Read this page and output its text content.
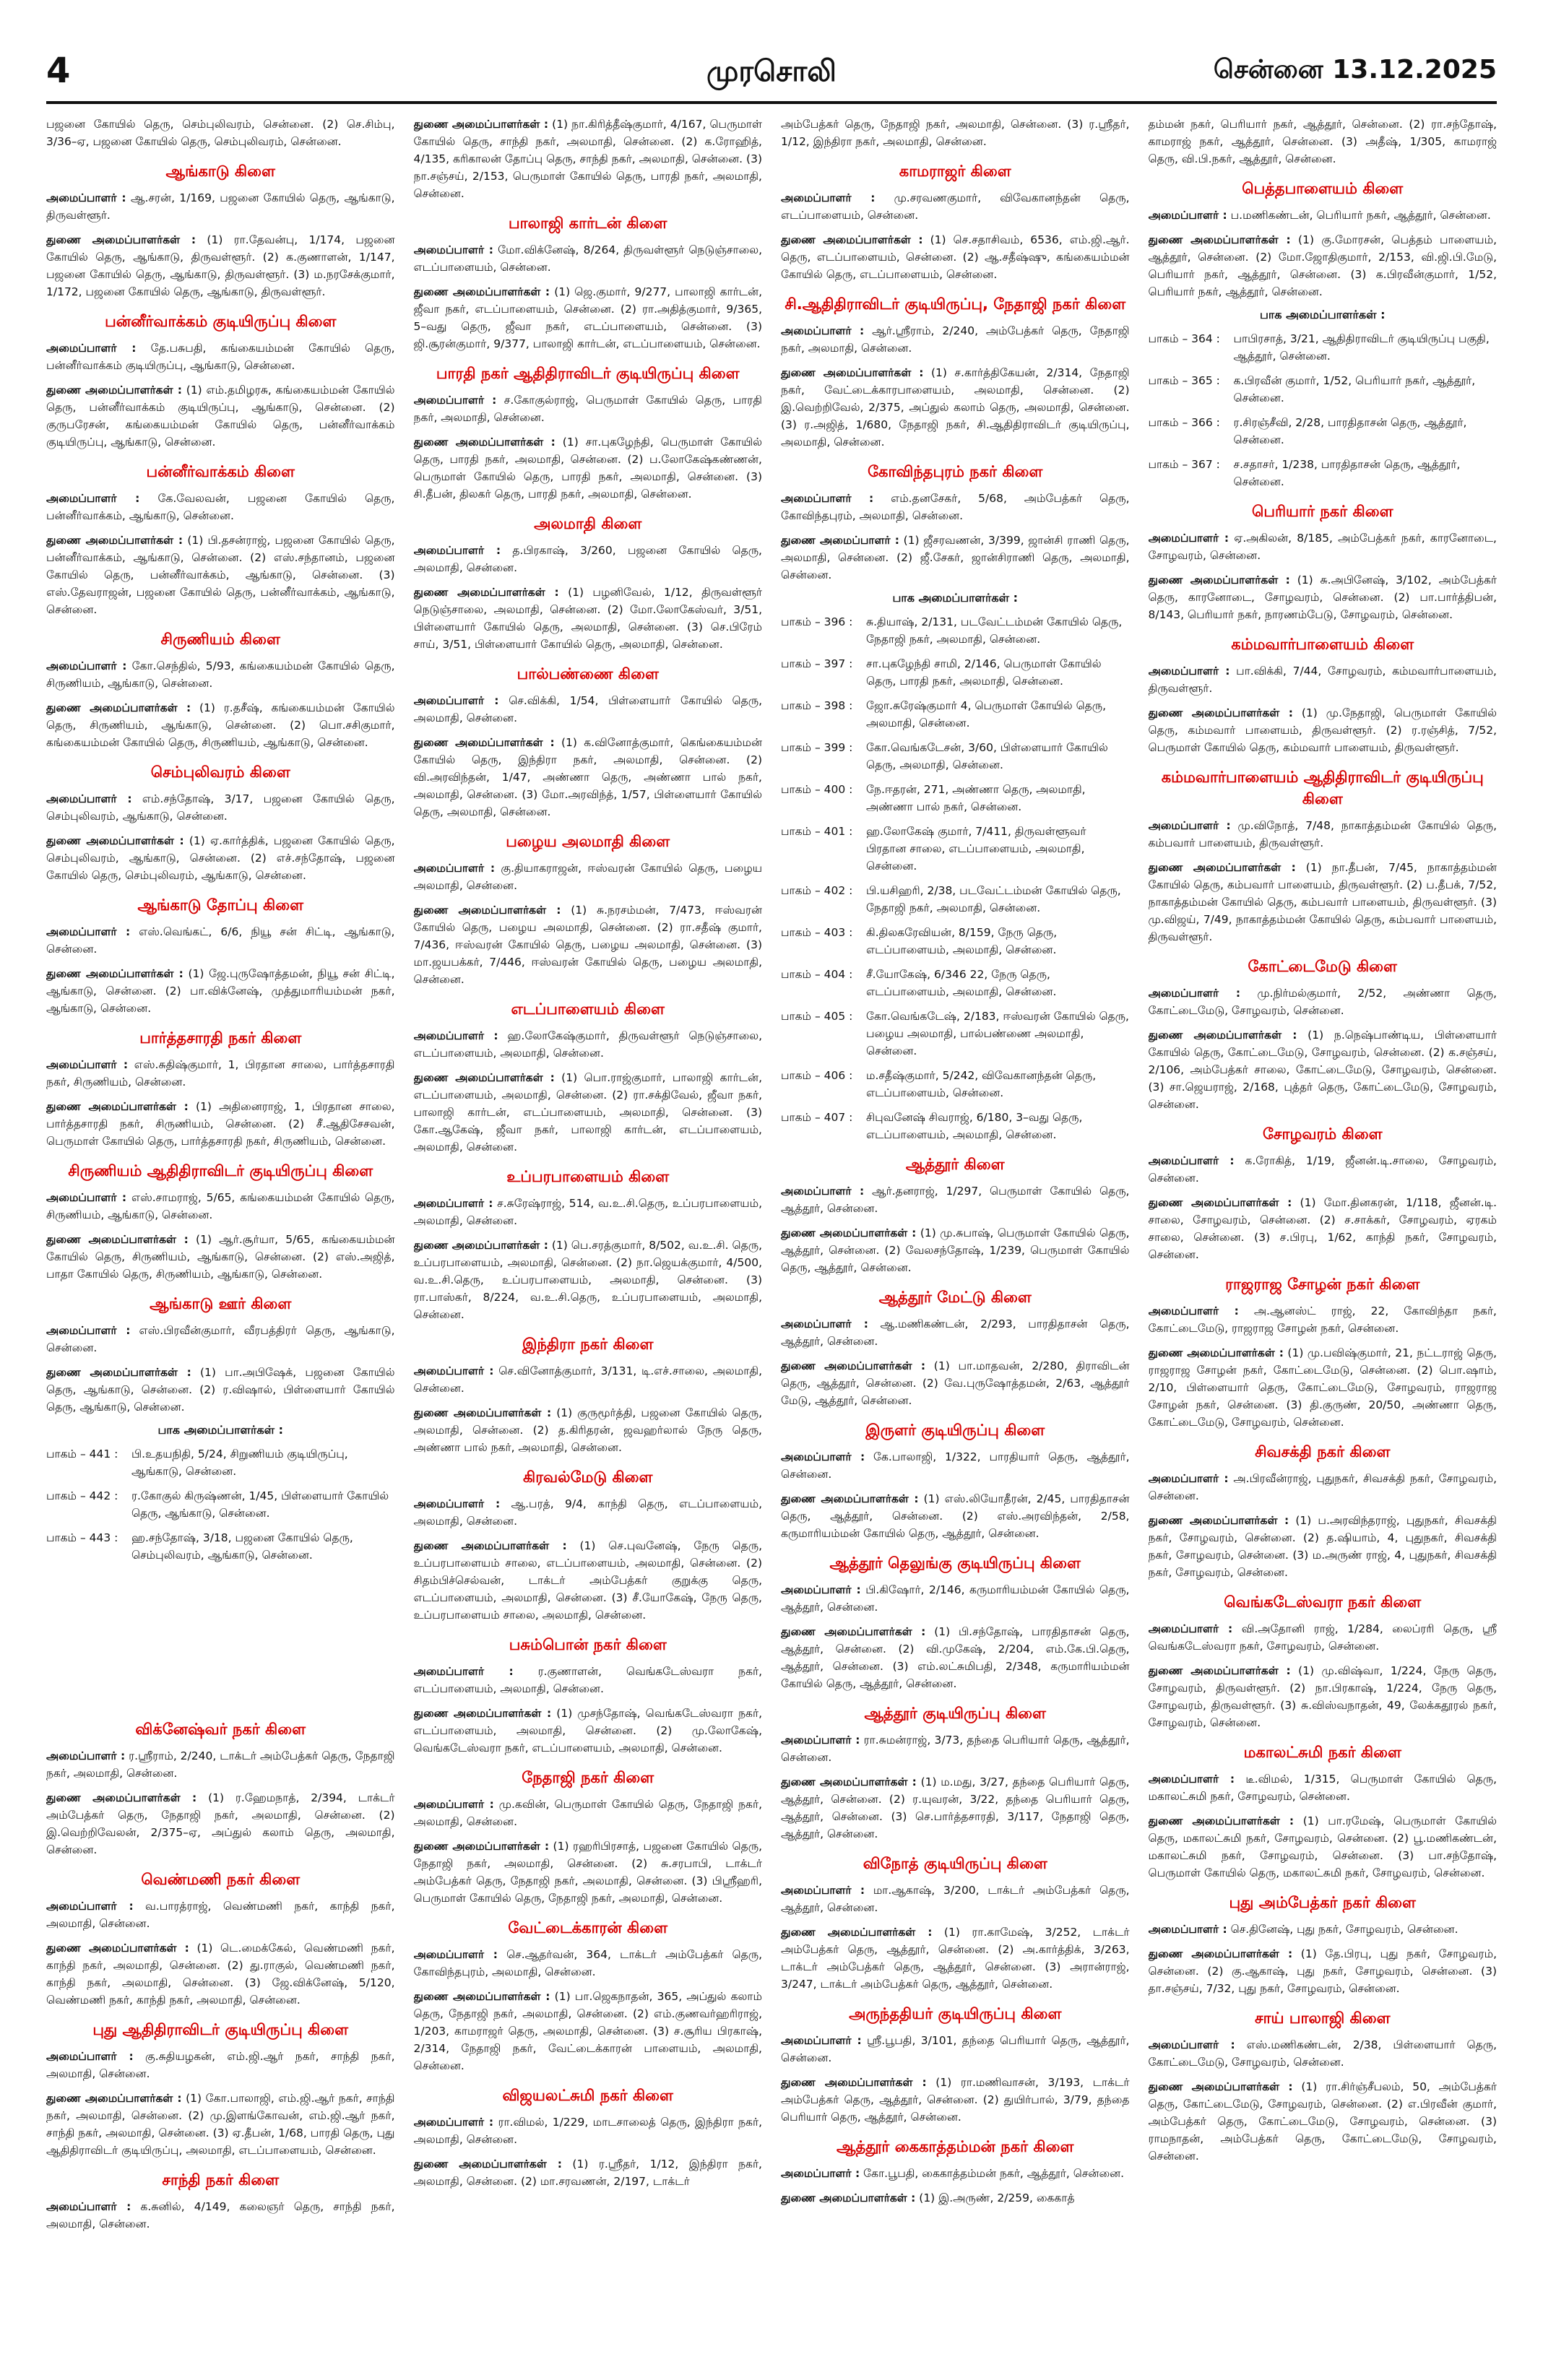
4	முரசொலி	சென்னை 13.12.2025

பஜனை கோயில் தெரு, செம்புலிவரம், சென்னை. (2) செ.சிம்பு, 3/36–ஏ, பஜனை கோயில் தெரு, செம்புலிவரம், சென்னை.

ஆங்காடு கிளை

அமைப்பாளர் : ஆ.சரன், 1/169, பஜனை கோயில் தெரு, ஆங்காடு, திருவள்ளூர்.

துணை அமைப்பாளர்கள் : (1) ரா.தேவன்பு, 1/174, பஜனை கோயில் தெரு, ஆங்காடு, திருவள்ளூர். (2) க.குணாளன், 1/147, பஜனை கோயில் தெரு, ஆங்காடு, திருவள்ளூர். (3) ம.நரசேக்குமார், 1/172, பஜனை கோயில் தெரு, ஆங்காடு, திருவள்ளூர்.

பன்னீர்வாக்கம் குடியிருப்பு கிளை

அமைப்பாளர் : தே.பசுபதி, கங்கையம்மன் கோயில் தெரு, பன்னீர்வாக்கம் குடியிருப்பு, ஆங்காடு, சென்னை.

துணை அமைப்பாளர்கள் : (1) எம்.தமிழரசு, கங்கையம்மன் கோயில் தெரு, பன்னீர்வாக்கம் குடியிருப்பு, ஆங்காடு, சென்னை. (2) குருபரேசன், கங்கையம்மன் கோயில் தெரு, பன்னீர்வாக்கம் குடியிருப்பு, ஆங்காடு, சென்னை.

பன்னீர்வாக்கம் கிளை

அமைப்பாளர் : கே.வேலவன், பஜனை கோயில் தெரு, பன்னீர்வாக்கம், ஆங்காடு, சென்னை.

துணை அமைப்பாளர்கள் : (1) பி.தசன்ராஜ், பஜனை கோயில் தெரு, பன்னீர்வாக்கம், ஆங்காடு, சென்னை. (2) எஸ்.சந்தானம், பஜனை கோயில் தெரு, பன்னீர்வாக்கம், ஆங்காடு, சென்னை. (3) எஸ்.தேவராஜன், பஜனை கோயில் தெரு, பன்னீர்வாக்கம், ஆங்காடு, சென்னை.

சிருணியம் கிளை

அமைப்பாளர் : கோ.செந்தில், 5/93, கங்கையம்மன் கோயில் தெரு, சிருணியம், ஆங்காடு, சென்னை.

துணை அமைப்பாளர்கள் : (1) ர.தசீஷ், கங்கையம்மன் கோயில் தெரு, சிருணியம், ஆங்காடு, சென்னை. (2) பொ.சசிகுமார், கங்கையம்மன் கோயில் தெரு, சிருணியம், ஆங்காடு, சென்னை.

செம்புலிவரம் கிளை

அமைப்பாளர் : எம்.சந்தோஷ், 3/17, பஜனை கோயில் தெரு, செம்புலிவரம், ஆங்காடு, சென்னை.

துணை அமைப்பாளர்கள் : (1) ஏ.கார்த்திக், பஜனை கோயில் தெரு, செம்புலிவரம், ஆங்காடு, சென்னை. (2) எச்.சந்தோஷ், பஜனை கோயில் தெரு, செம்புலிவரம், ஆங்காடு, சென்னை.

ஆங்காடு தோப்பு கிளை

அமைப்பாளர் : எஸ்.வெங்கட், 6/6, நியூ சன் சிட்டி, ஆங்காடு, சென்னை.

துணை அமைப்பாளர்கள் : (1) ஜே.புருஷோத்தமன், நியூ சன் சிட்டி, ஆங்காடு, சென்னை. (2) பா.விக்னேஷ், முத்துமாரியம்மன் நகர், ஆங்காடு, சென்னை.

பார்த்தசாரதி நகர் கிளை

அமைப்பாளர் : எஸ்.சுதிஷ்குமார், 1, பிரதான சாலை, பார்த்தசாரதி நகர், சிருணியம், சென்னை.

துணை அமைப்பாளர்கள் : (1) அதினைராஜ், 1, பிரதான சாலை, பார்த்தசாரதி நகர், சிருணியம், சென்னை. (2) சீ.ஆதிசேசவன், பெருமாள் கோயில் தெரு, பார்த்தசாரதி நகர், சிருணியம், சென்னை.

சிருணியம் ஆதிதிராவிடர் குடியிருப்பு கிளை

அமைப்பாளர் : எஸ்.சாமராஜ், 5/65, கங்கையம்மன் கோயில் தெரு, சிருணியம், ஆங்காடு, சென்னை.

துணை அமைப்பாளர்கள் : (1) ஆர்.சூர்யா, 5/65, கங்கையம்மன் கோயில் தெரு, சிருணியம், ஆங்காடு, சென்னை. (2) எஸ்.அஜித், பாதா கோயில் தெரு, சிருணியம், ஆங்காடு, சென்னை.

ஆங்காடு ஊர் கிளை

அமைப்பாளர் : எஸ்.பிரவீன்குமார், வீரபத்திரர் தெரு, ஆங்காடு, சென்னை.

துணை அமைப்பாளர்கள் : (1) பா.அபிஷேக், பஜனை கோயில் தெரு, ஆங்காடு, சென்னை. (2) ர.விஷால், பிள்ளையார் கோயில் தெரு, ஆங்காடு, சென்னை.

பாக அமைப்பாளர்கள் :
பாகம் – 441 :	பி.உதயநிதி, 5/24, சிறுணியம் குடியிருப்பு, ஆங்காடு, சென்னை.
பாகம் – 442 :	ர.கோகுல் கிருஷ்ணன், 1/45, பிள்ளையார் கோயில் தெரு, ஆங்காடு, சென்னை.
பாகம் – 443 :	ஹ.சந்தோஷ், 3/18, பஜனை கோயில் தெரு, செம்புலிவரம், ஆங்காடு, சென்னை.
விக்னேஷ்வர் நகர் கிளை

அமைப்பாளர் : ர.ஸ்ரீராம், 2/240, டாக்டர் அம்பேத்கர் தெரு, நேதாஜி நகர், அலமாதி, சென்னை.

துணை அமைப்பாளர்கள் : (1) ர.ஹேமநாத், 2/394, டாக்டர் அம்பேத்கர் தெரு, நேதாஜி நகர், அலமாதி, சென்னை. (2) இ.வெற்றிவேலன், 2/375–ஏ, அப்துல் கலாம் தெரு, அலமாதி, சென்னை.

வெண்மணி நகர் கிளை

அமைப்பாளர் : வ.பாரத்ராஜ், வெண்மணி நகர், காந்தி நகர், அலமாதி, சென்னை.

துணை அமைப்பாளர்கள் : (1) டெ.மைக்கேல், வெண்மணி நகர், காந்தி நகர், அலமாதி, சென்னை. (2) து.ராகுல், வெண்மணி நகர், காந்தி நகர், அலமாதி, சென்னை. (3) ஜே.விக்னேஷ், 5/120, வெண்மணி நகர், காந்தி நகர், அலமாதி, சென்னை.

புது ஆதிதிராவிடர் குடியிருப்பு கிளை

அமைப்பாளர் : கு.சுதியழகன், எம்.ஜி.ஆர் நகர், சாந்தி நகர், அலமாதி, சென்னை.

துணை அமைப்பாளர்கள் : (1) கோ.பாலாஜி, எம்.ஜி.ஆர் நகர், சாந்தி நகர், அலமாதி, சென்னை. (2) மு.இளங்கோவன், எம்.ஜி.ஆர் நகர், சாந்தி நகர், அலமாதி, சென்னை. (3) ஏ.தீபன், 1/68, பாரதி தெரு, புது ஆதிதிராவிடர் குடியிருப்பு, அலமாதி, எடப்பாளையம், சென்னை.

சாந்தி நகர் கிளை

அமைப்பாளர் : க.சுனில், 4/149, கலைஞர் தெரு, சாந்தி நகர், அலமாதி, சென்னை.

துணை அமைப்பாளர்கள் : (1) நா.கிரித்தீஷ்குமார், 4/167, பெருமாள் கோயில் தெரு, சாந்தி நகர், அலமாதி, சென்னை. (2) க.ரோஹித், 4/135, கரிகாலன் தோப்பு தெரு, சாந்தி நகர், அலமாதி, சென்னை. (3) நா.சஞ்சய், 2/153, பெருமாள் கோயில் தெரு, பாரதி நகர், அலமாதி, சென்னை.

பாலாஜி கார்டன் கிளை

அமைப்பாளர் : மோ.விக்னேஷ், 8/264, திருவள்ளூர் நெடுஞ்சாலை, எடப்பாளையம், சென்னை.

துணை அமைப்பாளர்கள் : (1) ஜெ.குமார், 9/277, பாலாஜி கார்டன், ஜீவா நகர், எடப்பாளையம், சென்னை. (2) ரா.அதித்குமார், 9/365, 5–வது தெரு, ஜீவா நகர், எடப்பாளையம், சென்னை. (3) ஜி.சூரன்குமார், 9/377, பாலாஜி கார்டன், எடப்பாளையம், சென்னை.

பாரதி நகர் ஆதிதிராவிடர் குடியிருப்பு கிளை

அமைப்பாளர் : ச.கோகுல்ராஜ், பெருமாள் கோயில் தெரு, பாரதி நகர், அலமாதி, சென்னை.

துணை அமைப்பாளர்கள் : (1) சா.புகழேந்தி, பெருமாள் கோயில் தெரு, பாரதி நகர், அலமாதி, சென்னை. (2) ப.லோகேஷ்கண்ணன், பெருமாள் கோயில் தெரு, பாரதி நகர், அலமாதி, சென்னை. (3) சி.தீபன், திலகர் தெரு, பாரதி நகர், அலமாதி, சென்னை.

அலமாதி கிளை

அமைப்பாளர் : த.பிரகாஷ், 3/260, பஜனை கோயில் தெரு, அலமாதி, சென்னை.

துணை அமைப்பாளர்கள் : (1) பழனிவேல், 1/12, திருவள்ளூர் நெடுஞ்சாலை, அலமாதி, சென்னை. (2) மோ.லோகேஸ்வர், 3/51, பிள்ளையார் கோயில் தெரு, அலமாதி, சென்னை. (3) செ.பிரேம் சாய், 3/51, பிள்ளையார் கோயில் தெரு, அலமாதி, சென்னை.

பால்பண்ணை கிளை

அமைப்பாளர் : செ.விக்கி, 1/54, பிள்ளையார் கோயில் தெரு, அலமாதி, சென்னை.

துணை அமைப்பாளர்கள் : (1) க.வினோத்குமார், கெங்கையம்மன் கோயில் தெரு, இந்திரா நகர், அலமாதி, சென்னை. (2) வி.அரவிந்தன், 1/47, அண்ணா தெரு, அண்ணா பால் நகர், அலமாதி, சென்னை. (3) மோ.அரவிந்த், 1/57, பிள்ளையார் கோயில் தெரு, அலமாதி, சென்னை.

பழைய அலமாதி கிளை

அமைப்பாளர் : கு.தியாகராஜன், ஈஸ்வரன் கோயில் தெரு, பழைய அலமாதி, சென்னை.

துணை அமைப்பாளர்கள் : (1) சு.நரசம்மன், 7/473, ஈஸ்வரன் கோயில் தெரு, பழைய அலமாதி, சென்னை. (2) ரா.சதீஷ் குமார், 7/436, ஈஸ்வரன் கோயில் தெரு, பழைய அலமாதி, சென்னை. (3) மா.ஜயபக்கர், 7/446, ஈஸ்வரன் கோயில் தெரு, பழைய அலமாதி, சென்னை.

எடப்பாளையம் கிளை

அமைப்பாளர் : ஹ.லோகேஷ்குமார், திருவள்ளூர் நெடுஞ்சாலை, எடப்பாளையம், அலமாதி, சென்னை.

துணை அமைப்பாளர்கள் : (1) பொ.ராஜ்குமார், பாலாஜி கார்டன், எடப்பாளையம், அலமாதி, சென்னை. (2) ரா.சக்திவேல், ஜீவா நகர், பாலாஜி கார்டன், எடப்பாளையம், அலமாதி, சென்னை. (3) கோ.ஆகேஷ், ஜீவா நகர், பாலாஜி கார்டன், எடப்பாளையம், அலமாதி, சென்னை.

உப்பரபாளையம் கிளை

அமைப்பாளர் : ச.சுரேஷ்ராஜ், 514, வ.உ.சி.தெரு, உப்பரபாளையம், அலமாதி, சென்னை.

துணை அமைப்பாளர்கள் : (1) பெ.சரத்குமார், 8/502, வ.உ.சி. தெரு, உப்பரபாளையம், அலமாதி, சென்னை. (2) நா.ஜெயக்குமார், 4/500, வ.உ.சி.தெரு, உப்பரபாளையம், அலமாதி, சென்னை. (3) ரா.பாஸ்கர், 8/224, வ.உ.சி.தெரு, உப்பரபாளையம், அலமாதி, சென்னை.

இந்திரா நகர் கிளை

அமைப்பாளர் : செ.வினோத்குமார், 3/131, டி.எச்.சாலை, அலமாதி, சென்னை.

துணை அமைப்பாளர்கள் : (1) குருமூர்த்தி, பஜனை கோயில் தெரு, அலமாதி, சென்னை. (2) த.கிரிதரன், ஜவஹர்லால் நேரு தெரு, அண்ணா பால் நகர், அலமாதி, சென்னை.

கிரவல்மேடு கிளை

அமைப்பாளர் : ஆ.பரத், 9/4, காந்தி தெரு, எடப்பாளையம், அலமாதி, சென்னை.

துணை அமைப்பாளர்கள் : (1) செ.புவனேஷ், நேரு தெரு, உப்பரபாளையம் சாலை, எடப்பாளையம், அலமாதி, சென்னை. (2) சிதம்பிச்செல்வன், டாக்டர் அம்பேத்கர் குறுக்கு தெரு, எடப்பாளையம், அலமாதி, சென்னை. (3) சீ.யோகேஷ், நேரு தெரு, உப்பரபாளையம் சாலை, அலமாதி, சென்னை.

பசும்பொன் நகர் கிளை

அமைப்பாளர் : ர.குணாளன், வெங்கடேஸ்வரா நகர், எடப்பாளையம், அலமாதி, சென்னை.

துணை அமைப்பாளர்கள் : (1) முசந்தோஷ், வெங்கடேஸ்வரா நகர், எடப்பாளையம், அலமாதி, சென்னை. (2) மு.லோகேஷ், வெங்கடேஸ்வரா நகர், எடப்பாளையம், அலமாதி, சென்னை.

நேதாஜி நகர் கிளை

அமைப்பாளர் : மு.கவின், பெருமாள் கோயில் தெரு, நேதாஜி நகர், அலமாதி, சென்னை.

துணை அமைப்பாளர்கள் : (1) ரஹரிபிரசாத், பஜனை கோயில் தெரு, நேதாஜி நகர், அலமாதி, சென்னை. (2) சு.சரபாபி, டாக்டர் அம்பேத்கர் தெரு, நேதாஜி நகர், அலமாதி, சென்னை. (3) பிஸ்ரீஹரி, பெருமாள் கோயில் தெரு, நேதாஜி நகர், அலமாதி, சென்னை.

வேட்டைக்காரன் கிளை

அமைப்பாளர் : செ.ஆதர்வன், 364, டாக்டர் அம்பேத்கர் தெரு, கோவிந்தபுரம், அலமாதி, சென்னை.

துணை அமைப்பாளர்கள் : (1) பா.ஜெகநாதன், 365, அப்துல் கலாம் தெரு, நேதாஜி நகர், அலமாதி, சென்னை. (2) எம்.குணவர்ஹரிராஜ், 1/203, காமராஜர் தெரு, அலமாதி, சென்னை. (3) ச.சூரிய பிரகாஷ், 2/314, நேதாஜி நகர், வேட்டைக்காரன் பாளையம், அலமாதி, சென்னை.

விஜயலட்சுமி நகர் கிளை

அமைப்பாளர் : ரா.விமல், 1/229, மாடசாலைத் தெரு, இந்திரா நகர், அலமாதி, சென்னை.

துணை அமைப்பாளர்கள் : (1) ர.ஸ்ரீதர், 1/12, இந்திரா நகர், அலமாதி, சென்னை. (2) மா.சரவணன், 2/197, டாக்டர்

அம்பேத்கர் தெரு, நேதாஜி நகர், அலமாதி, சென்னை. (3) ர.ஸ்ரீதர், 1/12, இந்திரா நகர், அலமாதி, சென்னை.

காமராஜர் கிளை

அமைப்பாளர் : மு.சரவணகுமார், விவேகானந்தன் தெரு, எடப்பாளையம், சென்னை.

துணை அமைப்பாளர்கள் : (1) செ.சதாசிவம், 6536, எம்.ஜி.ஆர். தெரு, எடப்பாளையம், சென்னை. (2) ஆ.சதீஷ்ஷு, கங்கையம்மன் கோயில் தெரு, எடப்பாளையம், சென்னை.

சி.ஆதிதிராவிடர் குடியிருப்பு, நேதாஜி நகர் கிளை

அமைப்பாளர் : ஆர்.ஸ்ரீராம், 2/240, அம்பேத்கர் தெரு, நேதாஜி நகர், அலமாதி, சென்னை.

துணை அமைப்பாளர்கள் : (1) ச.கார்த்திகேயன், 2/314, நேதாஜி நகர், வேட்டைக்காரபாளையம், அலமாதி, சென்னை. (2) இ.வெற்றிவேல், 2/375, அப்துல் கலாம் தெரு, அலமாதி, சென்னை. (3) ர.அஜித், 1/680, நேதாஜி நகர், சி.ஆதிதிராவிடர் குடியிருப்பு, அலமாதி, சென்னை.

கோவிந்தபுரம் நகர் கிளை

அமைப்பாளர் : எம்.தனசேகர், 5/68, அம்பேத்கர் தெரு, கோவிந்தபுரம், அலமாதி, சென்னை.

துணை அமைப்பாளர் : (1) ஜீசரவணன், 3/399, ஜான்சி ராணி தெரு, அலமாதி, சென்னை. (2) ஜீ.சேகர், ஜான்சிராணி தெரு, அலமாதி, சென்னை.

பாக அமைப்பாளர்கள் :
பாகம் – 396 :	சு.தியாஷ், 2/131, படவேட்டம்மன் கோயில் தெரு, நேதாஜி நகர், அலமாதி, சென்னை.
பாகம் – 397 :	சா.புகழேந்தி சாமி, 2/146, பெருமாள் கோயில் தெரு, பாரதி நகர், அலமாதி, சென்னை.
பாகம் – 398 :	ஜோ.சுரேஷ்குமார் 4, பெருமாள் கோயில் தெரு, அலமாதி, சென்னை.
பாகம் – 399 :	கோ.வெங்கடேசன், 3/60, பிள்ளையார் கோயில் தெரு, அலமாதி, சென்னை.
பாகம் – 400 :	நே.ஈதரன், 271, அண்ணா தெரு, அலமாதி, அண்ணா பால் நகர், சென்னை.
பாகம் – 401 :	ஹ.லோகேஷ் குமார், 7/411, திருவள்ளூவர் பிரதான சாலை, எடப்பாளையம், அலமாதி, சென்னை.
பாகம் – 402 :	பி.யசிஹரி, 2/38, படவேட்டம்மன் கோயில் தெரு, நேதாஜி நகர், அலமாதி, சென்னை.
பாகம் – 403 :	கி.திலகரேவியன், 8/159, நேரு தெரு, எடப்பாளையம், அலமாதி, சென்னை.
பாகம் – 404 :	சீ.யோகேஷ், 6/346 22, நேரு தெரு, எடப்பாளையம், அலமாதி, சென்னை.
பாகம் – 405 :	கோ.வெங்கடேஷ், 2/183, ஈஸ்வரன் கோயில் தெரு, பழைய அலமாதி, பால்பண்ணை அலமாதி, சென்னை.
பாகம் – 406 :	ம.சதீஷ்குமார், 5/242, விவேகானந்தன் தெரு, எடப்பாளையம், சென்னை.
பாகம் – 407 :	சிபுவனேஷ் சிவராஜ், 6/180, 3–வது தெரு, எடப்பாளையம், அலமாதி, சென்னை.
ஆத்தூர் கிளை

அமைப்பாளர் : ஆர்.தனராஜ், 1/297, பெருமாள் கோயில் தெரு, ஆத்தூர், சென்னை.

துணை அமைப்பாளர்கள் : (1) மு.சுபாஷ், பெருமாள் கோயில் தெரு, ஆத்தூர், சென்னை. (2) வேலசந்தோஷ், 1/239, பெருமாள் கோயில் தெரு, ஆத்தூர், சென்னை.

ஆத்தூர் மேட்டு கிளை

அமைப்பாளர் : ஆ.மணிகண்டன், 2/293, பாரதிதாசன் தெரு, ஆத்தூர், சென்னை.

துணை அமைப்பாளர்கள் : (1) பா.மாதவன், 2/280, திராவிடன் தெரு, ஆத்தூர், சென்னை. (2) வே.புருஷோத்தமன், 2/63, ஆத்தூர் மேடு, ஆத்தூர், சென்னை.

இருளர் குடியிருப்பு கிளை

அமைப்பாளர் : கே.பாலாஜி, 1/322, பாரதியார் தெரு, ஆத்தூர், சென்னை.

துணை அமைப்பாளர்கள் : (1) எஸ்.லியோதீரன், 2/45, பாரதிதாசன் தெரு, ஆத்தூர், சென்னை. (2) எஸ்.அரவிந்தன், 2/58, கருமாரியம்மன் கோயில் தெரு, ஆத்தூர், சென்னை.

ஆத்தூர் தெலுங்கு குடியிருப்பு கிளை

அமைப்பாளர் : பி.கிஷோர், 2/146, கருமாரியம்மன் கோயில் தெரு, ஆத்தூர், சென்னை.

துணை அமைப்பாளர்கள் : (1) பி.சந்தோஷ், பாரதிதாசன் தெரு, ஆத்தூர், சென்னை. (2) வி.முகேஷ், 2/204, எம்.கே.பி.தெரு, ஆத்தூர், சென்னை. (3) எம்.லட்சுமிபதி, 2/348, கருமாரியம்மன் கோயில் தெரு, ஆத்தூர், சென்னை.

ஆத்தூர் குடியிருப்பு கிளை

அமைப்பாளர் : ரா.சுமன்ராஜ், 3/73, தந்தை பெரியார் தெரு, ஆத்தூர், சென்னை.

துணை அமைப்பாளர்கள் : (1) ம.மது, 3/27, தந்தை பெரியார் தெரு, ஆத்தூர், சென்னை. (2) ர.யுவரன், 3/22, தந்தை பெரியார் தெரு, ஆத்தூர், சென்னை. (3) செ.பார்த்தசாரதி, 3/117, நேதாஜி தெரு, ஆத்தூர், சென்னை.

விநோத் குடியிருப்பு கிளை

அமைப்பாளர் : மா.ஆகாஷ், 3/200, டாக்டர் அம்பேத்கர் தெரு, ஆத்தூர், சென்னை.

துணை அமைப்பாளர்கள் : (1) ரா.காமேஷ், 3/252, டாக்டர் அம்பேத்கர் தெரு, ஆத்தூர், சென்னை. (2) அ.கார்த்திக், 3/263, டாக்டர் அம்பேத்கர் தெரு, ஆத்தூர், சென்னை. (3) அரான்ராஜ், 3/247, டாக்டர் அம்பேத்கர் தெரு, ஆத்தூர், சென்னை.

அருந்ததியர் குடியிருப்பு கிளை

அமைப்பாளர் : ஸ்ரீ.பூபதி, 3/101, தந்தை பெரியார் தெரு, ஆத்தூர், சென்னை.

துணை அமைப்பாளர்கள் : (1) ரா.மணிவாசன், 3/193, டாக்டர் அம்பேத்கர் தெரு, ஆத்தூர், சென்னை. (2) துயிர்பால், 3/79, தந்தை பெரியார் தெரு, ஆத்தூர், சென்னை.

ஆத்தூர் கைகாத்தம்மன் நகர் கிளை

அமைப்பாளர் : கோ.பூபதி, கைகாத்தம்மன் நகர், ஆத்தூர், சென்னை.

துணை அமைப்பாளர்கள் : (1) இ.அருண், 2/259, கைகாத்

தம்மன் நகர், பெரியார் நகர், ஆத்தூர், சென்னை. (2) ரா.சந்தோஷ், காமராஜ் நகர், ஆத்தூர், சென்னை. (3) அதீஷ், 1/305, காமராஜ் தெரு, வி.பி.நகர், ஆத்தூர், சென்னை.

பெத்தபாளையம் கிளை

அமைப்பாளர் : ப.மணிகண்டன், பெரியார் நகர், ஆத்தூர், சென்னை.

துணை அமைப்பாளர்கள் : (1) கு.மோரசன், பெத்தம் பாளையம், ஆத்தூர், சென்னை. (2) மோ.ஜோதிகுமார், 2/153, வி.ஜி.பி.மேடு, பெரியார் நகர், ஆத்தூர், சென்னை. (3) க.பிரவீன்குமார், 1/52, பெரியார் நகர், ஆத்தூர், சென்னை.

பாக அமைப்பாளர்கள் :
பாகம் – 364 :	பாபிரசாத், 3/21, ஆதிதிராவிடர் குடியிருப்பு பகுதி, ஆத்தூர், சென்னை.
பாகம் – 365 :	க.பிரவீன் குமார், 1/52, பெரியார் நகர், ஆத்தூர், சென்னை.
பாகம் – 366 :	ர.சிரஞ்சீவி, 2/28, பாரதிதாசன் தெரு, ஆத்தூர், சென்னை.
பாகம் – 367 :	ச.சதாசர், 1/238, பாரதிதாசன் தெரு, ஆத்தூர், சென்னை.
பெரியார் நகர் கிளை

அமைப்பாளர் : ஏ.அகிலன், 8/185, அம்பேத்கர் நகர், காரனோடை, சோழவரம், சென்னை.

துணை அமைப்பாளர்கள் : (1) சு.அபினேஷ், 3/102, அம்பேத்கர் தெரு, காரனோடை, சோழவரம், சென்னை. (2) பா.பார்த்திபன், 8/143, பெரியார் நகர், நாரணம்பேடு, சோழவரம், சென்னை.

கம்மவார்பாளையம் கிளை

அமைப்பாளர் : பா.விக்கி, 7/44, சோழவரம், கம்மவார்பாளையம், திருவள்ளூர்.

துணை அமைப்பாளர்கள் : (1) மு.நேதாஜி, பெருமாள் கோயில் தெரு, கம்மவார் பாளையம், திருவள்ளூர். (2) ர.ரஞ்சித், 7/52, பெருமாள் கோயில் தெரு, கம்மவார் பாளையம், திருவள்ளூர்.

கம்மவார்பாளையம் ஆதிதிராவிடர் குடியிருப்பு கிளை

அமைப்பாளர் : மு.விநோத், 7/48, நாகாத்தம்மன் கோயில் தெரு, கம்பவார் பாளையம், திருவள்ளூர்.

துணை அமைப்பாளர்கள் : (1) நா.தீபன், 7/45, நாகாத்தம்மன் கோயில் தெரு, கம்பவார் பாளையம், திருவள்ளூர். (2) ப.தீபக், 7/52, நாகாத்தம்மன் கோயில் தெரு, கம்பவார் பாளையம், திருவள்ளூர். (3) மு.விஜய், 7/49, நாகாத்தம்மன் கோயில் தெரு, கம்பவார் பாளையம், திருவள்ளூர்.

கோட்டைமேடு கிளை

அமைப்பாளர் : மு.நிர்மல்குமார், 2/52, அண்ணா தெரு, கோட்டைமேடு, சோழவரம், சென்னை.

துணை அமைப்பாளர்கள் : (1) ந.நெஷ்பாண்டிய, பிள்ளையார் கோயில் தெரு, கோட்டைமேடு, சோழவரம், சென்னை. (2) க.சஞ்சய், 2/106, அம்பேத்கர் சாலை, கோட்டைமேடு, சோழவரம், சென்னை. (3) சா.ஜெயராஜ், 2/168, புத்தர் தெரு, கோட்டைமேடு, சோழவரம், சென்னை.

சோழவரம் கிளை

அமைப்பாளர் : க.ரோகித், 1/19, ஜீனன்.டி.சாலை, சோழவரம், சென்னை.

துணை அமைப்பாளர்கள் : (1) மோ.தினகரன், 1/118, ஜீனன்.டி. சாலை, சோழவரம், சென்னை. (2) ச.சாக்கர், சோழவரம், ஏரகம் சாலை, சென்னை. (3) ச.பிரபு, 1/62, காந்தி நகர், சோழவரம், சென்னை.

ராஜராஜ சோழன் நகர் கிளை

அமைப்பாளர் : அ.ஆனஸ்ட் ராஜ், 22, கோவிந்தா நகர், கோட்டைமேடு, ராஜராஜ சோழன் நகர், சென்னை.

துணை அமைப்பாளர்கள் : (1) மு.பவிஷ்குமார், 21, நட்டராஜ் தெரு, ராஜராஜ சோழன் நகர், கோட்டைமேடு, சென்னை. (2) பொ.ஷாம், 2/10, பிள்ளையார் தெரு, கோட்டைமேடு, சோழவரம், ராஜராஜ சோழன் நகர், சென்னை. (3) தி.குருண், 20/50, அண்ணா தெரு, கோட்டைமேடு, சோழவரம், சென்னை.

சிவசக்தி நகர் கிளை

அமைப்பாளர் : அ.பிரவீன்ராஜ், புதுநகர், சிவசக்தி நகர், சோழவரம், சென்னை.

துணை அமைப்பாளர்கள் : (1) ப.அரவிந்தராஜ், புதுநகர், சிவசக்தி நகர், சோழவரம், சென்னை. (2) த.ஷியாம், 4, புதுநகர், சிவசக்தி நகர், சோழவரம், சென்னை. (3) ம.அருண் ராஜ், 4, புதுநகர், சிவசக்தி நகர், சோழவரம், சென்னை.

வெங்கடேஸ்வரா நகர் கிளை

அமைப்பாளர் : வி.அதோனி ராஜ், 1/284, லைப்ரரி தெரு, ஸ்ரீ வெங்கடேஸ்வரா நகர், சோழவரம், சென்னை.

துணை அமைப்பாளர்கள் : (1) மு.விஷ்வா, 1/224, நேரு தெரு, சோழவரம், திருவள்ளூர். (2) நா.பிரகாஷ், 1/224, நேரு தெரு, சோழவரம், திருவள்ளூர். (3) சு.விஸ்வநாதன், 49, லேக்கதூரல் நகர், சோழவரம், சென்னை.

மகாலட்சுமி நகர் கிளை

அமைப்பாளர் : டீ.விமல், 1/315, பெருமாள் கோயில் தெரு, மகாலட்சுமி நகர், சோழவரம், சென்னை.

துணை அமைப்பாளர்கள் : (1) பா.ரமேஷ், பெருமாள் கோயில் தெரு, மகாலட்சுமி நகர், சோழவரம், சென்னை. (2) பூ.மணிகண்டன், மகாலட்சுமி நகர், சோழவரம், சென்னை. (3) பா.சந்தோஷ், பெருமாள் கோயில் தெரு, மகாலட்சுமி நகர், சோழவரம், சென்னை.

புது அம்பேத்கர் நகர் கிளை

அமைப்பாளர் : செ.தினேஷ், புது நகர், சோழவரம், சென்னை.

துணை அமைப்பாளர்கள் : (1) தே.பிரபு, புது நகர், சோழவரம், சென்னை. (2) கு.ஆகாஷ், புது நகர், சோழவரம், சென்னை. (3) தா.சஞ்சய், 7/32, புது நகர், சோழவரம், சென்னை.

சாய் பாலாஜி கிளை

அமைப்பாளர் : எஸ்.மணிகண்டன், 2/38, பிள்ளையார் தெரு, கோட்டைமேடு, சோழவரம், சென்னை.

துணை அமைப்பாளர்கள் : (1) ரா.சிர்ஞ்சீபலம், 50, அம்பேத்கர் தெரு, கோட்டைமேடு, சோழவரம், சென்னை. (2) எ.பிரவீன் குமார், அம்பேத்கர் தெரு, கோட்டைமேடு, சோழவரம், சென்னை. (3) ராமநாதன், அம்பேத்கர் தெரு, கோட்டைமேடு, சோழவரம், சென்னை.
